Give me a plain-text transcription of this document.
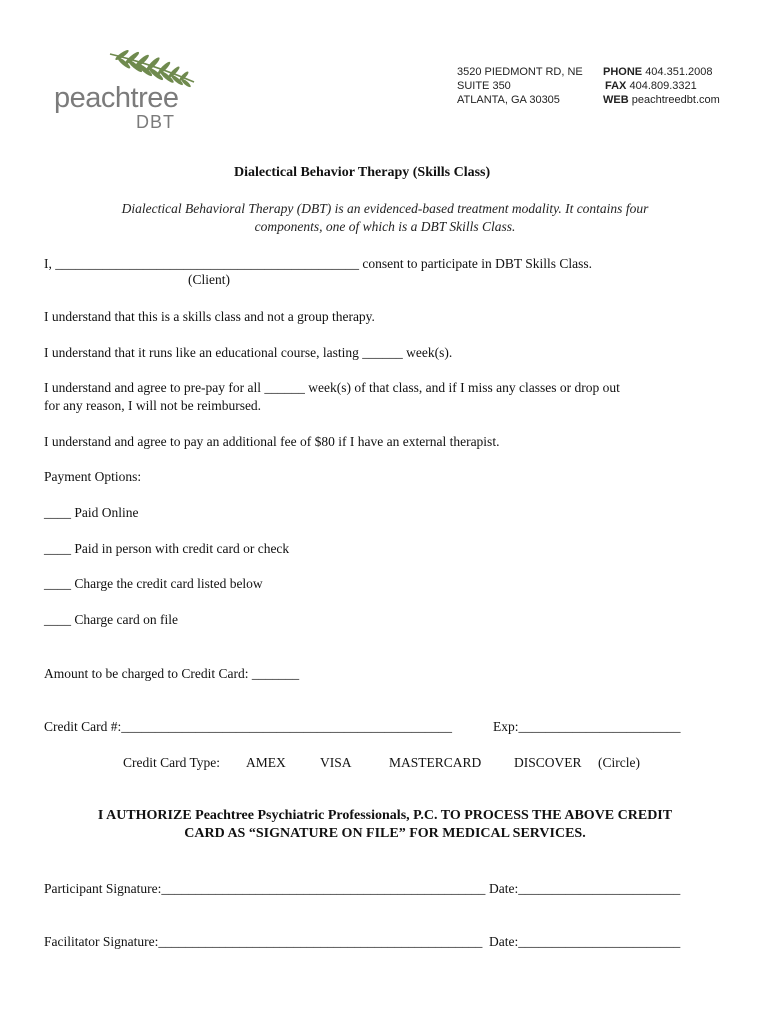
peachtree
DBT
3520 PIEDMONT RD, NE
SUITE 350
ATLANTA, GA 30305
PHONE 404.351.2008
FAX 404.809.3321
WEB peachtreedbt.com
Dialectical Behavior Therapy (Skills Class)
Dialectical Behavioral Therapy (DBT) is an evidenced-based treatment modality. It contains four
components, one of which is a DBT Skills Class.
I, _____________________________________________ consent to participate in DBT Skills Class.
(Client)
I understand that this is a skills class and not a group therapy.
I understand that it runs like an educational course, lasting ______ week(s).
I understand and agree to pre-pay for all ______ week(s) of that class, and if I miss any classes or drop out
for any reason, I will not be reimbursed.
I understand and agree to pay an additional fee of $80 if I have an external therapist.
Payment Options:
____ Paid Online
____ Paid in person with credit card or check
____ Charge the credit card listed below
____ Charge card on file
Amount to be charged to Credit Card: _______
Credit Card #:_________________________________________________	Exp:________________________
Credit Card Type: AMEX	VISA	MASTERCARD DISCOVER (Circle)
I AUTHORIZE Peachtree Psychiatric Professionals, P.C. TO PROCESS THE ABOVE CREDIT
CARD AS “SIGNATURE ON FILE” FOR MEDICAL SERVICES.
Participant Signature:________________________________________________ Date:________________________
Facilitator Signature:________________________________________________ Date:________________________
